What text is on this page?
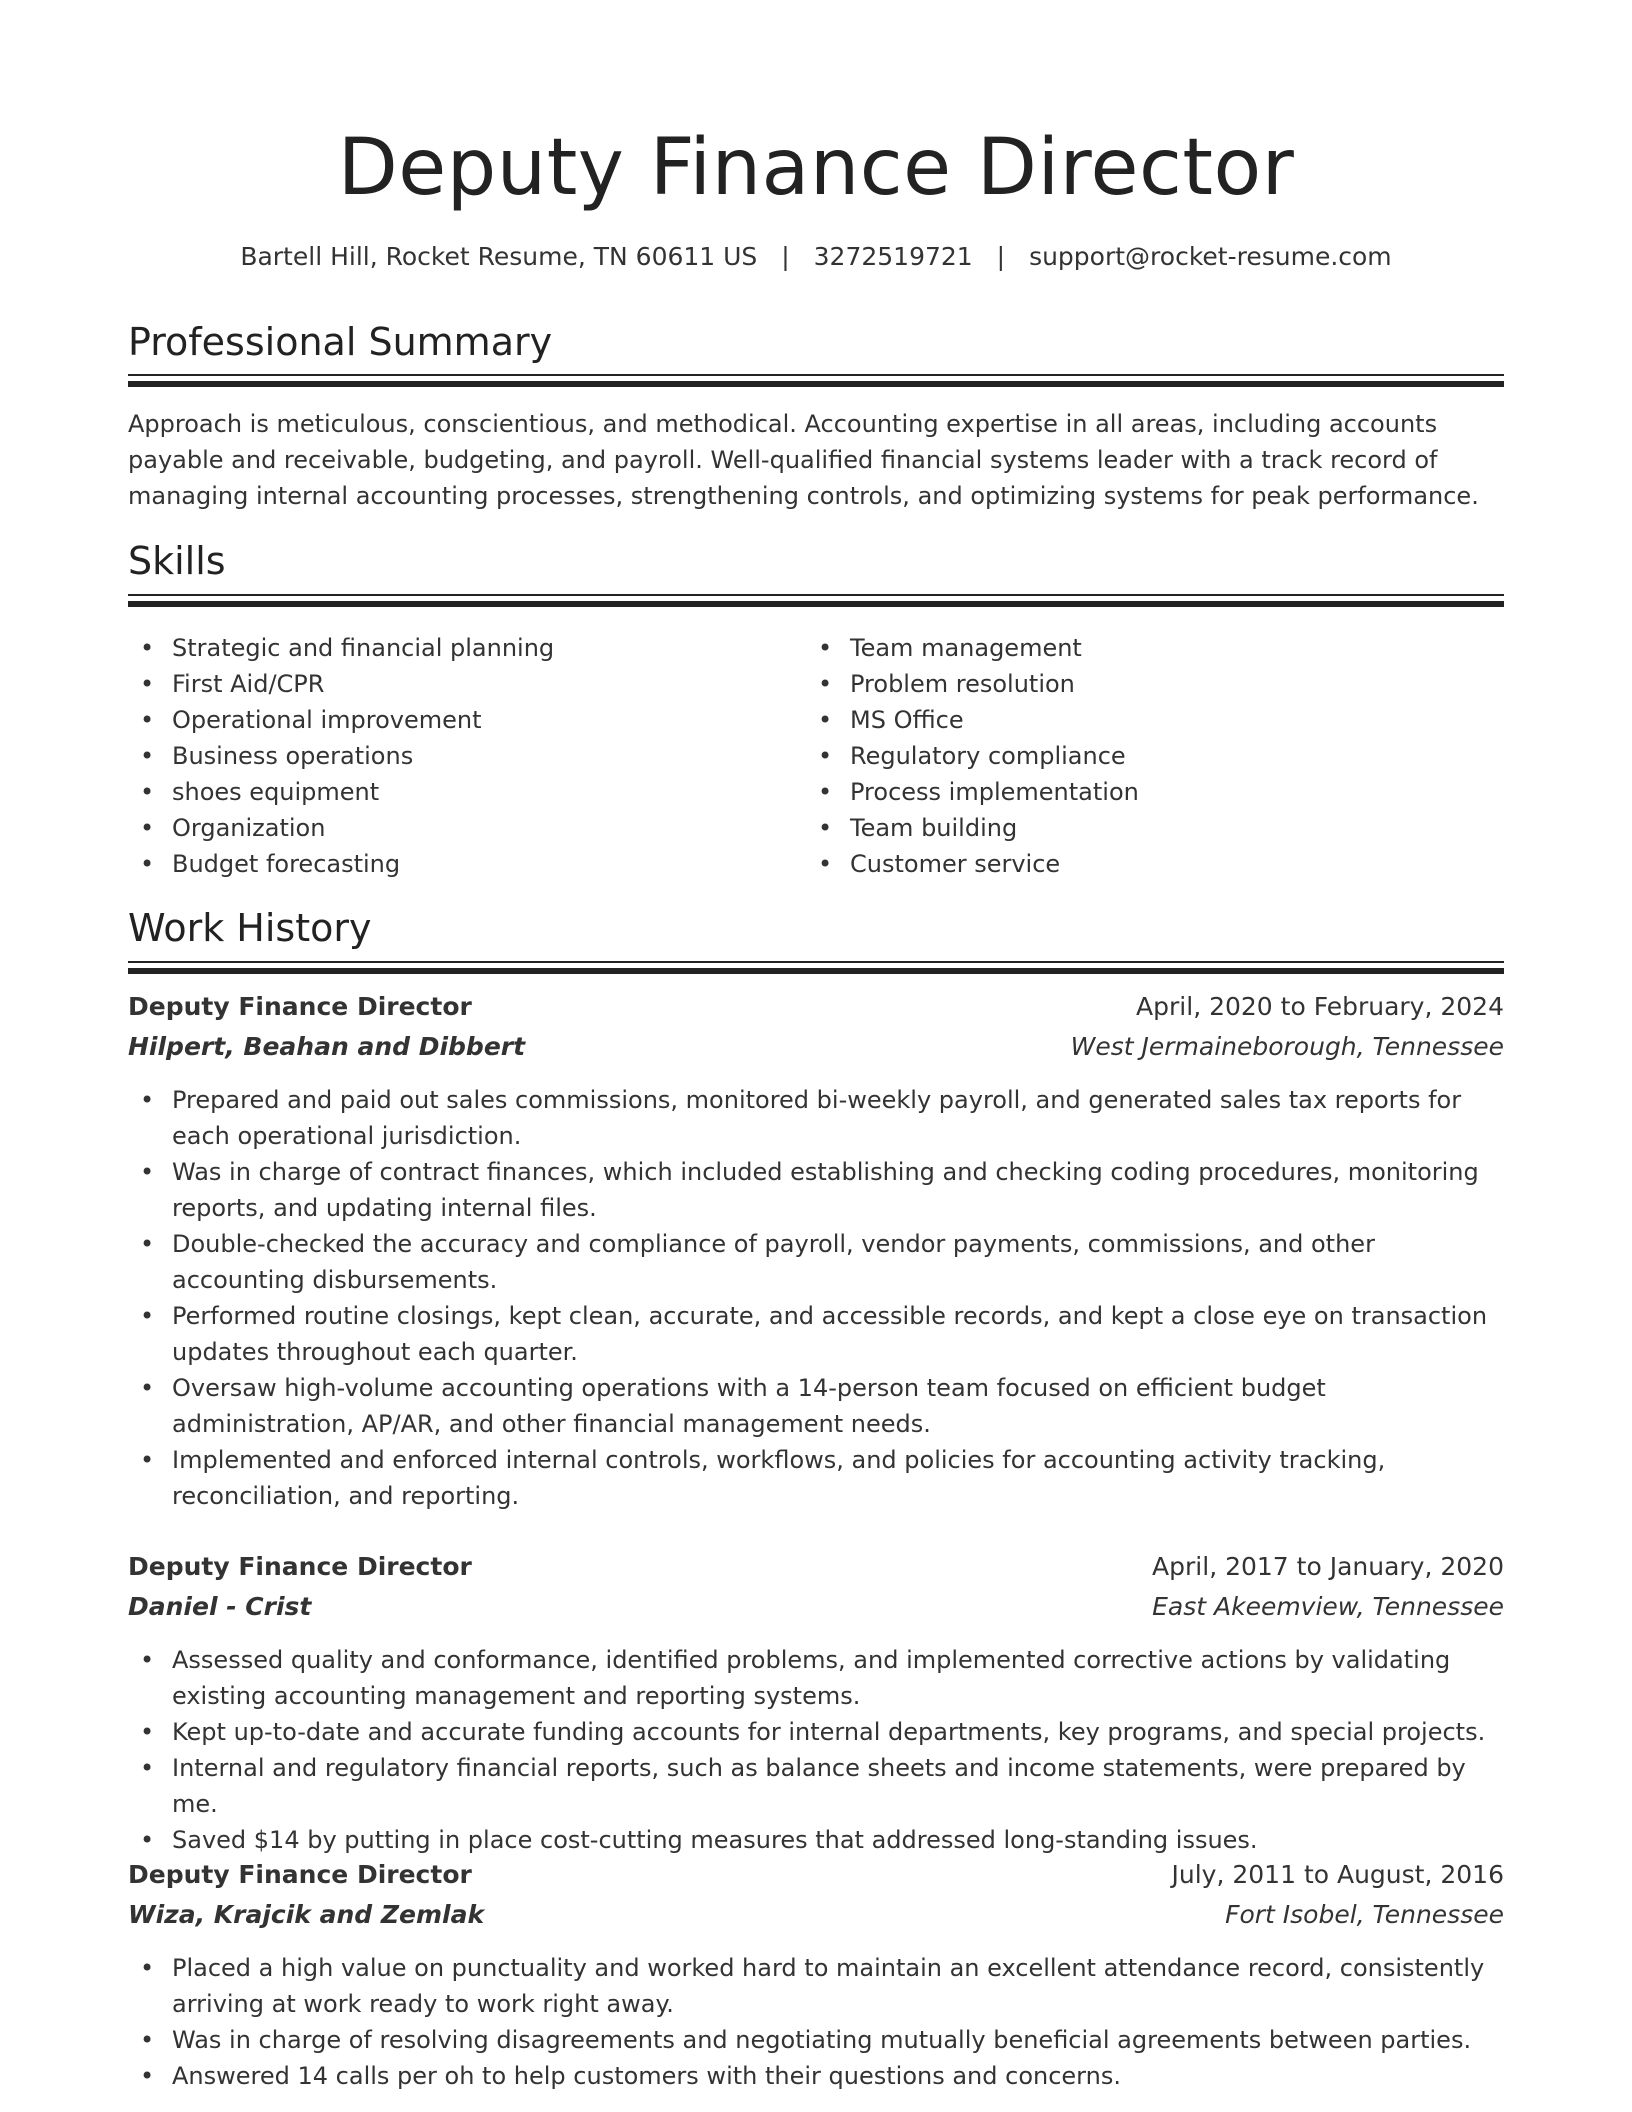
Deputy Finance Director
Bartell Hill, Rocket Resume, TN 60611 US | 3272519721 | support@rocket-resume.com
Professional Summary

Approach is meticulous, conscientious, and methodical. Accounting expertise in all areas, including accounts payable and receivable, budgeting, and payroll. Well-qualified financial systems leader with a track record of managing internal accounting processes, strengthening controls, and optimizing systems for peak performance.

Skills
• Strategic and financial planning
• First Aid/CPR
• Operational improvement
• Business operations
• shoes equipment
• Organization
• Budget forecasting
• Team management
• Problem resolution
• MS Office
• Regulatory compliance
• Process implementation
• Team building
• Customer service
Work History
Deputy Finance Director	April, 2020 to February, 2024
Hilpert, Beahan and Dibbert	West Jermaineborough, Tennessee
• Prepared and paid out sales commissions, monitored bi-weekly payroll, and generated sales tax reports for each operational jurisdiction.
• Was in charge of contract finances, which included establishing and checking coding procedures, monitoring reports, and updating internal files.
• Double-checked the accuracy and compliance of payroll, vendor payments, commissions, and other accounting disbursements.
• Performed routine closings, kept clean, accurate, and accessible records, and kept a close eye on transaction updates throughout each quarter.
• Oversaw high-volume accounting operations with a 14-person team focused on efficient budget administration, AP/AR, and other financial management needs.
• Implemented and enforced internal controls, workflows, and policies for accounting activity tracking, reconciliation, and reporting.
Deputy Finance Director	April, 2017 to January, 2020
Daniel - Crist	East Akeemview, Tennessee
• Assessed quality and conformance, identified problems, and implemented corrective actions by validating existing accounting management and reporting systems.
• Kept up-to-date and accurate funding accounts for internal departments, key programs, and special projects.
• Internal and regulatory financial reports, such as balance sheets and income statements, were prepared by me.
• Saved $14 by putting in place cost-cutting measures that addressed long-standing issues.
Deputy Finance Director	July, 2011 to August, 2016
Wiza, Krajcik and Zemlak	Fort Isobel, Tennessee
• Placed a high value on punctuality and worked hard to maintain an excellent attendance record, consistently arriving at work ready to work right away.
• Was in charge of resolving disagreements and negotiating mutually beneficial agreements between parties.
• Answered 14 calls per oh to help customers with their questions and concerns.
